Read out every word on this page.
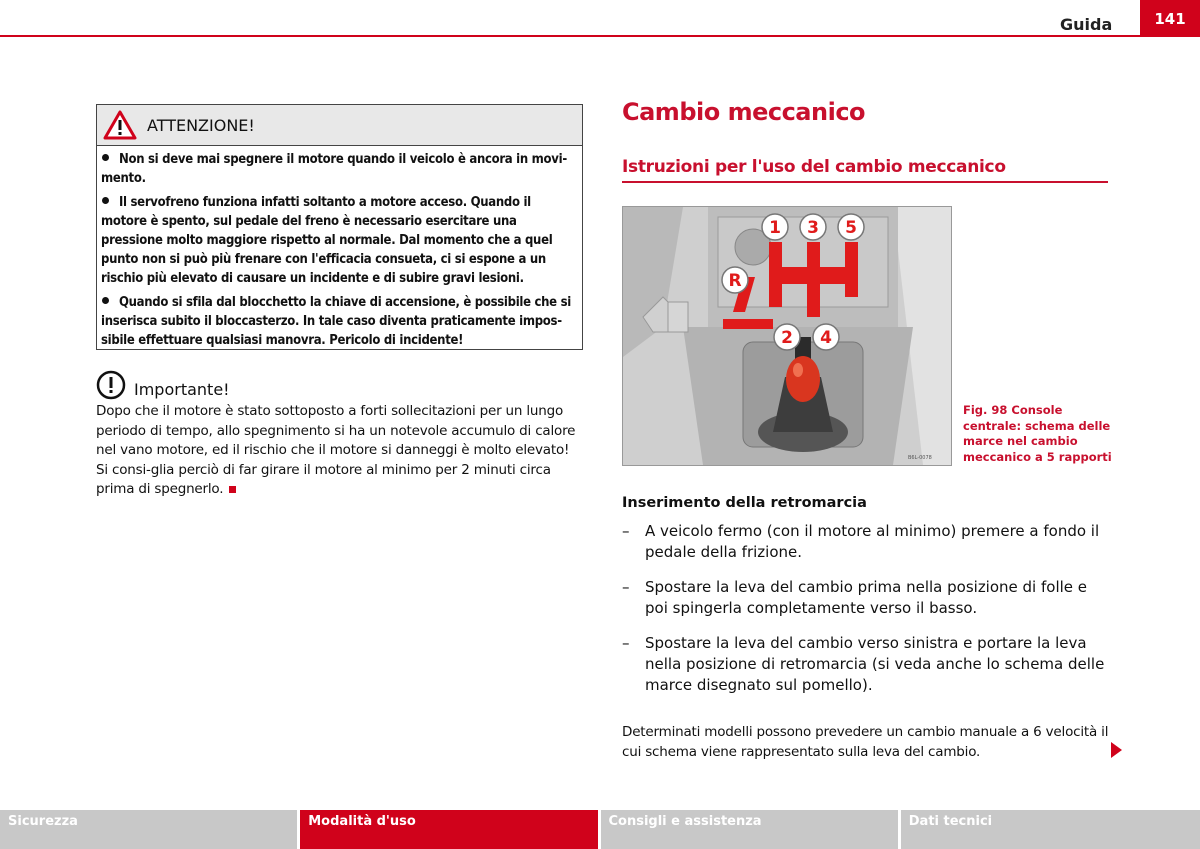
Guida	141
ATTENZIONE!

Non si deve mai spegnere il motore quando il veicolo è ancora in movi-mento.

Il servofreno funziona infatti soltanto a motore acceso. Quando il motore è spento, sul pedale del freno è necessario esercitare una pressione molto maggiore rispetto al normale. Dal momento che a quel punto non si può più frenare con l'efficacia consueta, ci si espone a un rischio più elevato di causare un incidente e di subire gravi lesioni.

Quando si sfila dal blocchetto la chiave di accensione, è possibile che si inserisca subito il bloccasterzo. In tale caso diventa praticamente impos-sibile effettuare qualsiasi manovra. Pericolo di incidente!

Importante!
Dopo che il motore è stato sottoposto a forti sollecitazioni per un lungo periodo di tempo, allo spegnimento si ha un notevole accumulo di calore nel vano motore, ed il rischio che il motore si danneggi è molto elevato! Si consi-glia perciò di far girare il motore al minimo per 2 minuti circa prima di spegnerlo.
Cambio meccanico
Istruzioni per l'uso del cambio meccanico
1 3 5
R
2 4
B6L-0078
Fig. 98 Console centrale: schema delle marce nel cambio meccanico a 5 rapporti
Inserimento della retromarcia
–	A veicolo fermo (con il motore al minimo) premere a fondo il pedale della frizione.
–	Spostare la leva del cambio prima nella posizione di folle e poi spingerla completamente verso il basso.
–	Spostare la leva del cambio verso sinistra e portare la leva nella posizione di retromarcia (si veda anche lo schema delle marce disegnato sul pomello).
Determinati modelli possono prevedere un cambio manuale a 6 velocità il cui schema viene rappresentato sulla leva del cambio.
Sicurezza	Modalità d'uso	Consigli e assistenza	Dati tecnici
